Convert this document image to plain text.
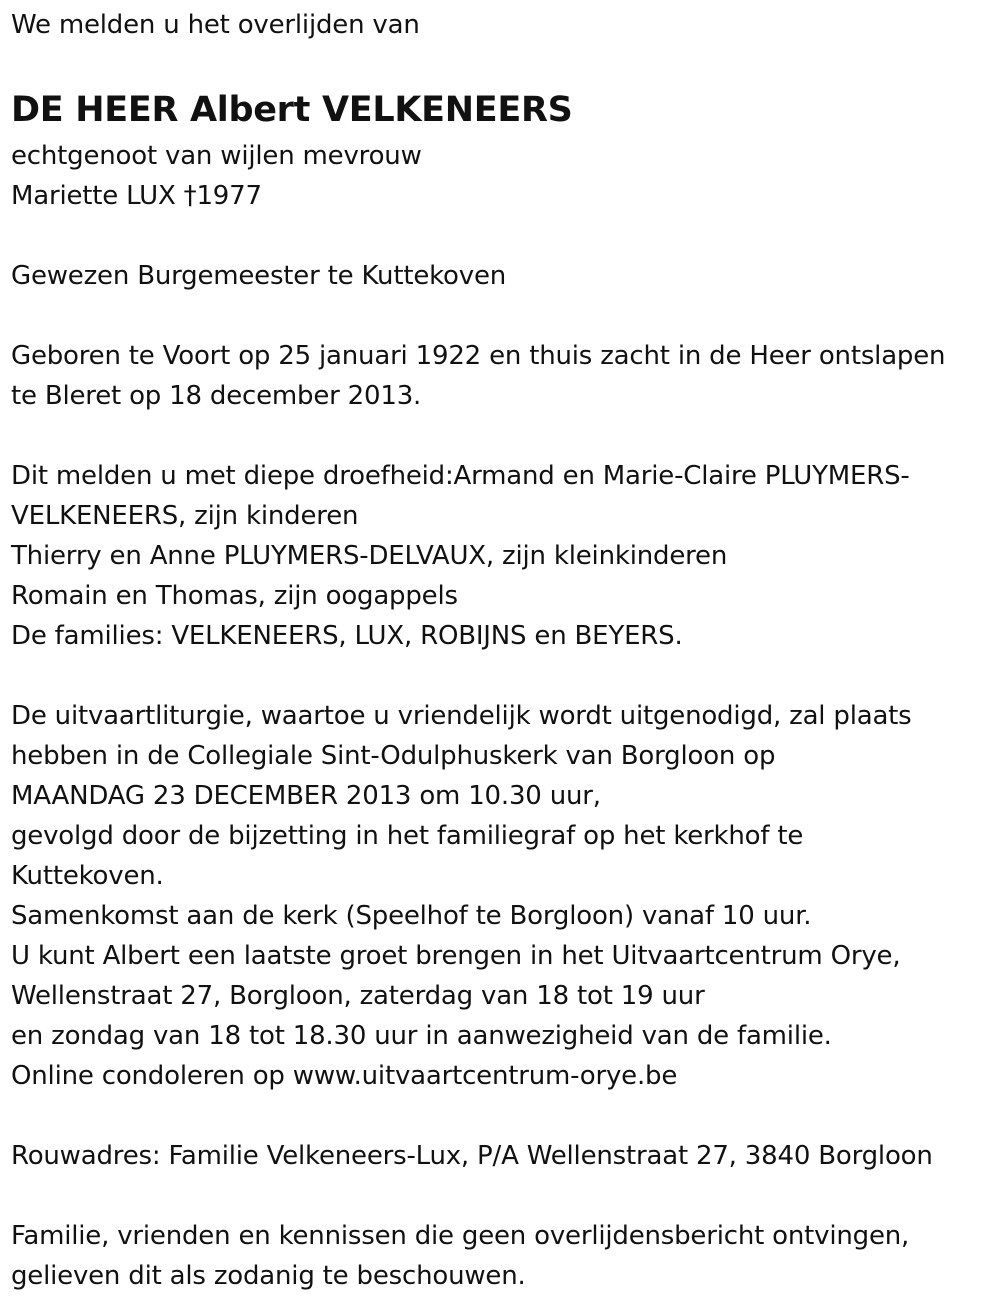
We melden u het overlijden van
DE HEER Albert VELKENEERS
echtgenoot van wijlen mevrouw
Mariette LUX †1977
Gewezen Burgemeester te Kuttekoven
Geboren te Voort op 25 januari 1922 en thuis zacht in de Heer ontslapen
te Bleret op 18 december 2013.
Dit melden u met diepe droefheid:Armand en Marie-Claire PLUYMERS-
VELKENEERS, zijn kinderen
Thierry en Anne PLUYMERS-DELVAUX, zijn kleinkinderen
Romain en Thomas, zijn oogappels
De families: VELKENEERS, LUX, ROBIJNS en BEYERS.
De uitvaartliturgie, waartoe u vriendelijk wordt uitgenodigd, zal plaats
hebben in de Collegiale Sint-Odulphuskerk van Borgloon op
MAANDAG 23 DECEMBER 2013 om 10.30 uur,
gevolgd door de bijzetting in het familiegraf op het kerkhof te
Kuttekoven.
Samenkomst aan de kerk (Speelhof te Borgloon) vanaf 10 uur.
U kunt Albert een laatste groet brengen in het Uitvaartcentrum Orye,
Wellenstraat 27, Borgloon, zaterdag van 18 tot 19 uur
en zondag van 18 tot 18.30 uur in aanwezigheid van de familie.
Online condoleren op www.uitvaartcentrum-orye.be
Rouwadres: Familie Velkeneers-Lux, P/A Wellenstraat 27, 3840 Borgloon
Familie, vrienden en kennissen die geen overlijdensbericht ontvingen,
gelieven dit als zodanig te beschouwen.
